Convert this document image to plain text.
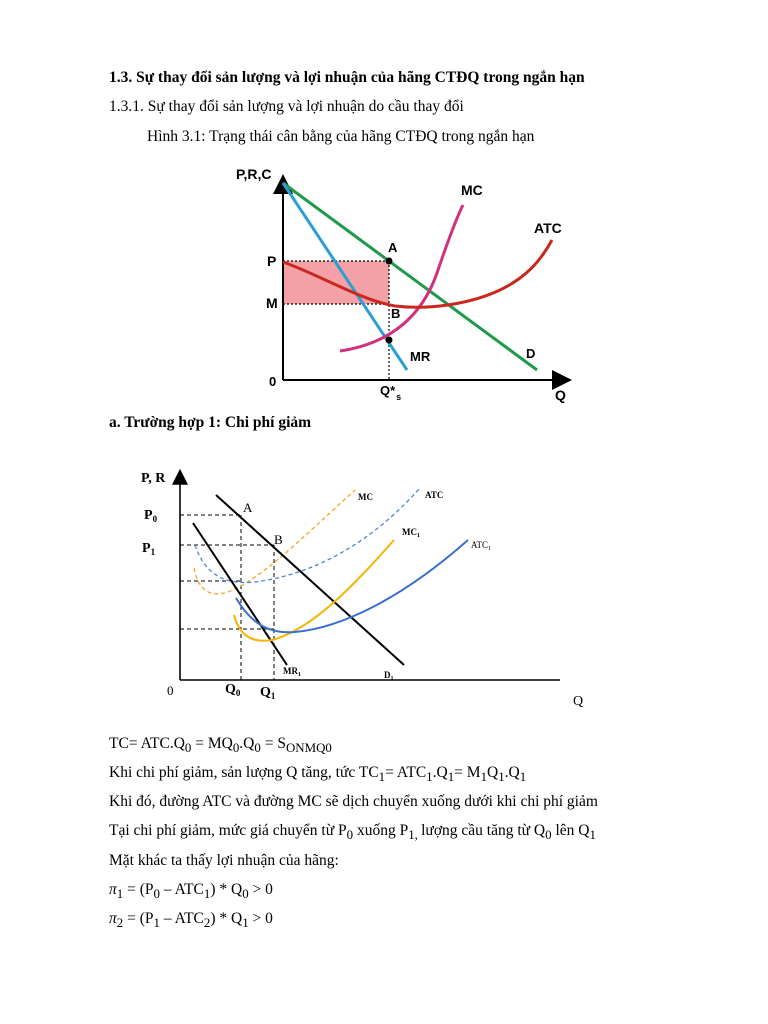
1.3. Sự thay đổi sản lượng và lợi nhuận của hãng CTĐQ trong ngắn hạn
1.3.1. Sự thay đổi sản lượng và lợi nhuận do cầu thay đổi
Hình 3.1: Trạng thái cân bằng của hãng CTĐQ trong ngắn hạn
P,R,C
Q
0
P
M
A
B
MC
ATC
MR	D
$Q*_s$
a. Trường hợp 1: Chi phí giảm
P, R
Q
0
$P_0$
$P_1$
$Q_0$ $Q_1$
A
B
MC	ATC
$MC_1$
$ATC_1$
$MR_1$	$D_1$
$TC= ATC.Q_0 = MQ_0.Q_0 = S_{ONMQ0}$
Khi chi phí giảm, sản lượng Q tăng, tức $TC_1= ATC_1.Q_1= M_1Q_1.Q_1$
Khi đó, đường ATC và đường MC sẽ dịch chuyển xuống dưới khi chi phí giảm
Tại chi phí giảm, mức giá chuyển từ $P_0$ xuống $P_{1,}$ lượng cầu tăng từ $Q_0$ lên $Q_1$
Mặt khác ta thấy lợi nhuận của hãng:
$\pi_1 = (P_0 - ATC_1) * Q_0 > 0$
$\pi_2 = (P_1 - ATC_2) * Q_1 > 0$
